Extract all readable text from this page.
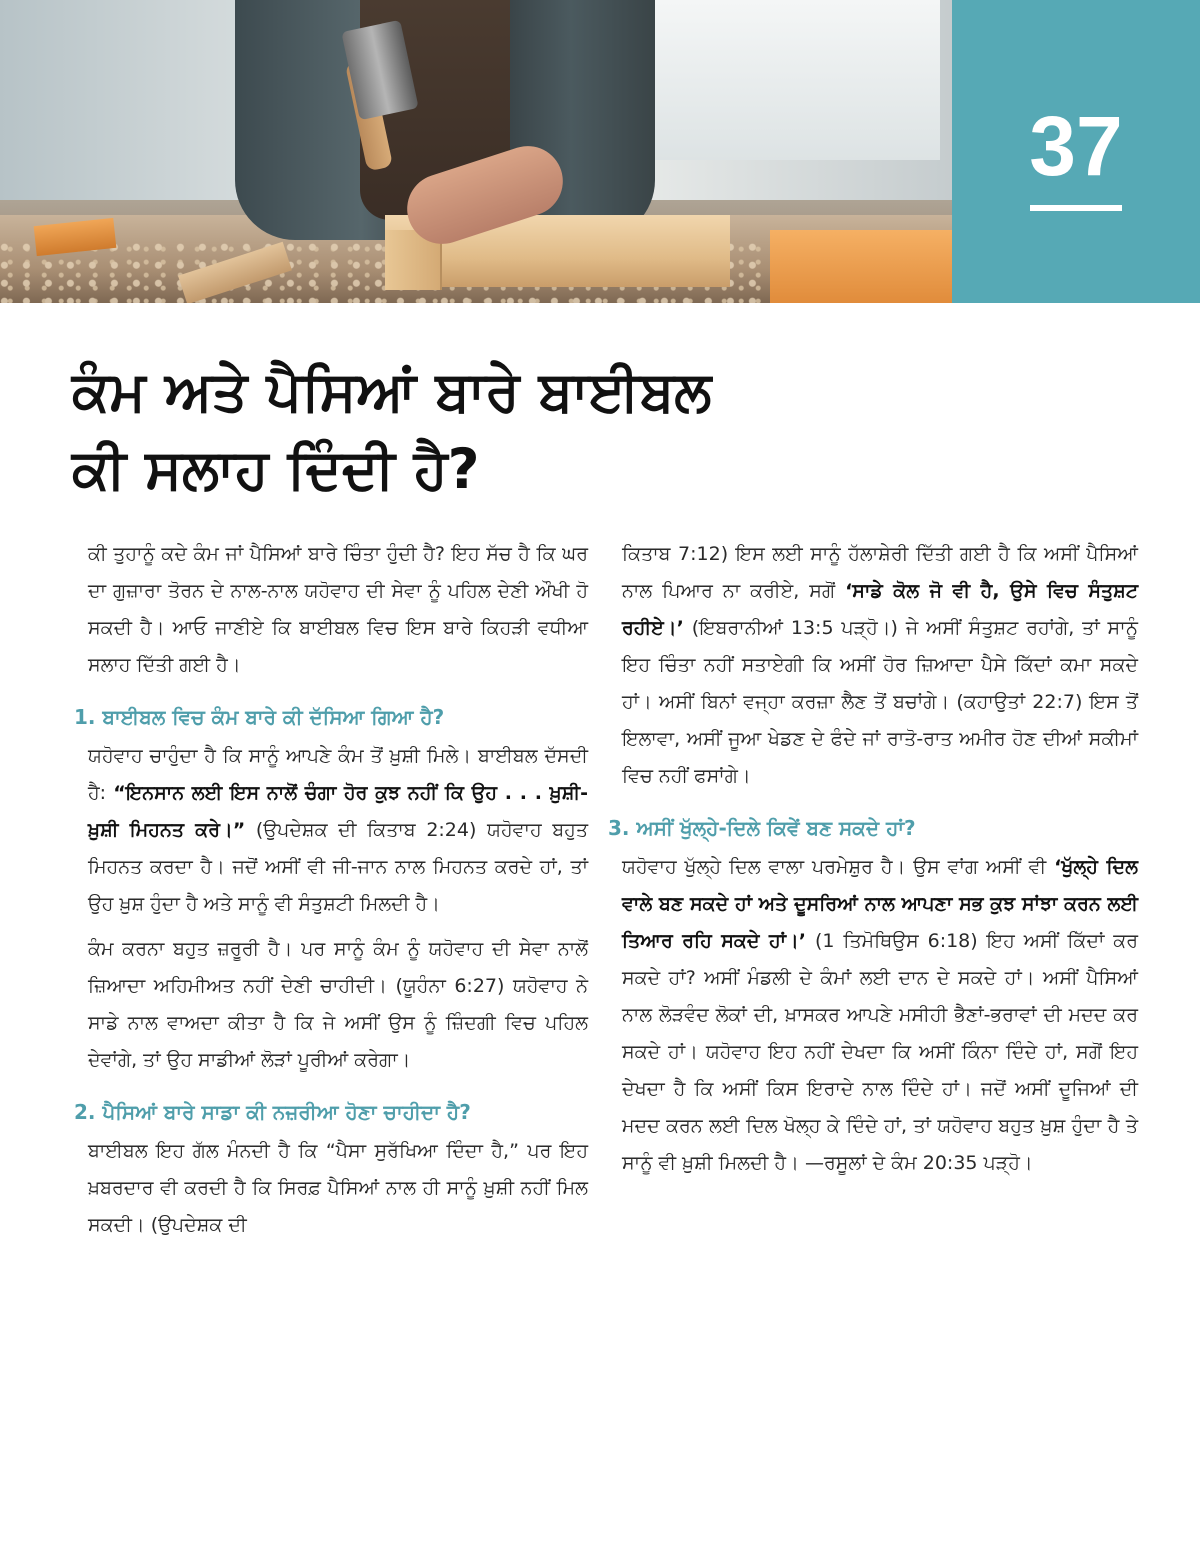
37
ਕੰਮ ਅਤੇ ਪੈਸਿਆਂ ਬਾਰੇ ਬਾਈਬਲ
ਕੀ ਸਲਾਹ ਦਿੰਦੀ ਹੈ?

ਕੀ ਤੁਹਾਨੂੰ ਕਦੇ ਕੰਮ ਜਾਂ ਪੈਸਿਆਂ ਬਾਰੇ ਚਿੰਤਾ ਹੁੰਦੀ ਹੈ? ਇਹ ਸੱਚ ਹੈ ਕਿ ਘਰ ਦਾ ਗੁਜ਼ਾਰਾ ਤੋਰਨ ਦੇ ਨਾਲ-ਨਾਲ ਯਹੋਵਾਹ ਦੀ ਸੇਵਾ ਨੂੰ ਪਹਿਲ ਦੇਣੀ ਔਖੀ ਹੋ ਸਕਦੀ ਹੈ। ਆਓ ਜਾਣੀਏ ਕਿ ਬਾਈਬਲ ਵਿਚ ਇਸ ਬਾਰੇ ਕਿਹੜੀ ਵਧੀਆ ਸਲਾਹ ਦਿੱਤੀ ਗਈ ਹੈ।

1. ਬਾਈਬਲ ਵਿਚ ਕੰਮ ਬਾਰੇ ਕੀ ਦੱਸਿਆ ਗਿਆ ਹੈ?

ਯਹੋਵਾਹ ਚਾਹੁੰਦਾ ਹੈ ਕਿ ਸਾਨੂੰ ਆਪਣੇ ਕੰਮ ਤੋਂ ਖ਼ੁਸ਼ੀ ਮਿਲੇ। ਬਾਈਬਲ ਦੱਸਦੀ ਹੈ: “ਇਨਸਾਨ ਲਈ ਇਸ ਨਾਲੋਂ ਚੰਗਾ ਹੋਰ ਕੁਝ ਨਹੀਂ ਕਿ ਉਹ . . . ਖ਼ੁਸ਼ੀ-ਖ਼ੁਸ਼ੀ ਮਿਹਨਤ ਕਰੇ।” (ਉਪਦੇਸ਼ਕ ਦੀ ਕਿਤਾਬ 2:24) ਯਹੋਵਾਹ ਬਹੁਤ ਮਿਹਨਤ ਕਰਦਾ ਹੈ। ਜਦੋਂ ਅਸੀਂ ਵੀ ਜੀ-ਜਾਨ ਨਾਲ ਮਿਹਨਤ ਕਰਦੇ ਹਾਂ, ਤਾਂ ਉਹ ਖ਼ੁਸ਼ ਹੁੰਦਾ ਹੈ ਅਤੇ ਸਾਨੂੰ ਵੀ ਸੰਤੁਸ਼ਟੀ ਮਿਲਦੀ ਹੈ।

ਕੰਮ ਕਰਨਾ ਬਹੁਤ ਜ਼ਰੂਰੀ ਹੈ। ਪਰ ਸਾਨੂੰ ਕੰਮ ਨੂੰ ਯਹੋਵਾਹ ਦੀ ਸੇਵਾ ਨਾਲੋਂ ਜ਼ਿਆਦਾ ਅਹਿਮੀਅਤ ਨਹੀਂ ਦੇਣੀ ਚਾਹੀਦੀ। (ਯੂਹੰਨਾ 6:27) ਯਹੋਵਾਹ ਨੇ ਸਾਡੇ ਨਾਲ ਵਾਅਦਾ ਕੀਤਾ ਹੈ ਕਿ ਜੇ ਅਸੀਂ ਉਸ ਨੂੰ ਜ਼ਿੰਦਗੀ ਵਿਚ ਪਹਿਲ ਦੇਵਾਂਗੇ, ਤਾਂ ਉਹ ਸਾਡੀਆਂ ਲੋੜਾਂ ਪੂਰੀਆਂ ਕਰੇਗਾ।

2. ਪੈਸਿਆਂ ਬਾਰੇ ਸਾਡਾ ਕੀ ਨਜ਼ਰੀਆ ਹੋਣਾ ਚਾਹੀਦਾ ਹੈ?

ਬਾਈਬਲ ਇਹ ਗੱਲ ਮੰਨਦੀ ਹੈ ਕਿ “ਪੈਸਾ ਸੁਰੱਖਿਆ ਦਿੰਦਾ ਹੈ,” ਪਰ ਇਹ ਖ਼ਬਰਦਾਰ ਵੀ ਕਰਦੀ ਹੈ ਕਿ ਸਿਰਫ਼ ਪੈਸਿਆਂ ਨਾਲ ਹੀ ਸਾਨੂੰ ਖ਼ੁਸ਼ੀ ਨਹੀਂ ਮਿਲ ਸਕਦੀ। (ਉਪਦੇਸ਼ਕ ਦੀ

ਕਿਤਾਬ 7:12) ਇਸ ਲਈ ਸਾਨੂੰ ਹੱਲਾਸ਼ੇਰੀ ਦਿੱਤੀ ਗਈ ਹੈ ਕਿ ਅਸੀਂ ਪੈਸਿਆਂ ਨਾਲ ਪਿਆਰ ਨਾ ਕਰੀਏ, ਸਗੋਂ ‘ਸਾਡੇ ਕੋਲ ਜੋ ਵੀ ਹੈ, ਉਸੇ ਵਿਚ ਸੰਤੁਸ਼ਟ ਰਹੀਏ।’ (ਇਬਰਾਨੀਆਂ 13:5 ਪੜ੍ਹੋ।) ਜੇ ਅਸੀਂ ਸੰਤੁਸ਼ਟ ਰਹਾਂਗੇ, ਤਾਂ ਸਾਨੂੰ ਇਹ ਚਿੰਤਾ ਨਹੀਂ ਸਤਾਏਗੀ ਕਿ ਅਸੀਂ ਹੋਰ ਜ਼ਿਆਦਾ ਪੈਸੇ ਕਿੱਦਾਂ ਕਮਾ ਸਕਦੇ ਹਾਂ। ਅਸੀਂ ਬਿਨਾਂ ਵਜ੍ਹਾ ਕਰਜ਼ਾ ਲੈਣ ਤੋਂ ਬਚਾਂਗੇ। (ਕਹਾਉਤਾਂ 22:7) ਇਸ ਤੋਂ ਇਲਾਵਾ, ਅਸੀਂ ਜੂਆ ਖੇਡਣ ਦੇ ਫੰਦੇ ਜਾਂ ਰਾਤੋ-ਰਾਤ ਅਮੀਰ ਹੋਣ ਦੀਆਂ ਸਕੀਮਾਂ ਵਿਚ ਨਹੀਂ ਫਸਾਂਗੇ।

3. ਅਸੀਂ ਖੁੱਲ੍ਹੇ-ਦਿਲੇ ਕਿਵੇਂ ਬਣ ਸਕਦੇ ਹਾਂ?

ਯਹੋਵਾਹ ਖੁੱਲ੍ਹੇ ਦਿਲ ਵਾਲਾ ਪਰਮੇਸ਼ੁਰ ਹੈ। ਉਸ ਵਾਂਗ ਅਸੀਂ ਵੀ ‘ਖੁੱਲ੍ਹੇ ਦਿਲ ਵਾਲੇ ਬਣ ਸਕਦੇ ਹਾਂ ਅਤੇ ਦੂਸਰਿਆਂ ਨਾਲ ਆਪਣਾ ਸਭ ਕੁਝ ਸਾਂਝਾ ਕਰਨ ਲਈ ਤਿਆਰ ਰਹਿ ਸਕਦੇ ਹਾਂ।’ (1 ਤਿਮੋਥਿਉਸ 6:18) ਇਹ ਅਸੀਂ ਕਿੱਦਾਂ ਕਰ ਸਕਦੇ ਹਾਂ? ਅਸੀਂ ਮੰਡਲੀ ਦੇ ਕੰਮਾਂ ਲਈ ਦਾਨ ਦੇ ਸਕਦੇ ਹਾਂ। ਅਸੀਂ ਪੈਸਿਆਂ ਨਾਲ ਲੋੜਵੰਦ ਲੋਕਾਂ ਦੀ, ਖ਼ਾਸਕਰ ਆਪਣੇ ਮਸੀਹੀ ਭੈਣਾਂ-ਭਰਾਵਾਂ ਦੀ ਮਦਦ ਕਰ ਸਕਦੇ ਹਾਂ। ਯਹੋਵਾਹ ਇਹ ਨਹੀਂ ਦੇਖਦਾ ਕਿ ਅਸੀਂ ਕਿੰਨਾ ਦਿੰਦੇ ਹਾਂ, ਸਗੋਂ ਇਹ ਦੇਖਦਾ ਹੈ ਕਿ ਅਸੀਂ ਕਿਸ ਇਰਾਦੇ ਨਾਲ ਦਿੰਦੇ ਹਾਂ। ਜਦੋਂ ਅਸੀਂ ਦੂਜਿਆਂ ਦੀ ਮਦਦ ਕਰਨ ਲਈ ਦਿਲ ਖੋਲ੍ਹ ਕੇ ਦਿੰਦੇ ਹਾਂ, ਤਾਂ ਯਹੋਵਾਹ ਬਹੁਤ ਖ਼ੁਸ਼ ਹੁੰਦਾ ਹੈ ਤੇ ਸਾਨੂੰ ਵੀ ਖ਼ੁਸ਼ੀ ਮਿਲਦੀ ਹੈ। —ਰਸੂਲਾਂ ਦੇ ਕੰਮ 20:35 ਪੜ੍ਹੋ।
